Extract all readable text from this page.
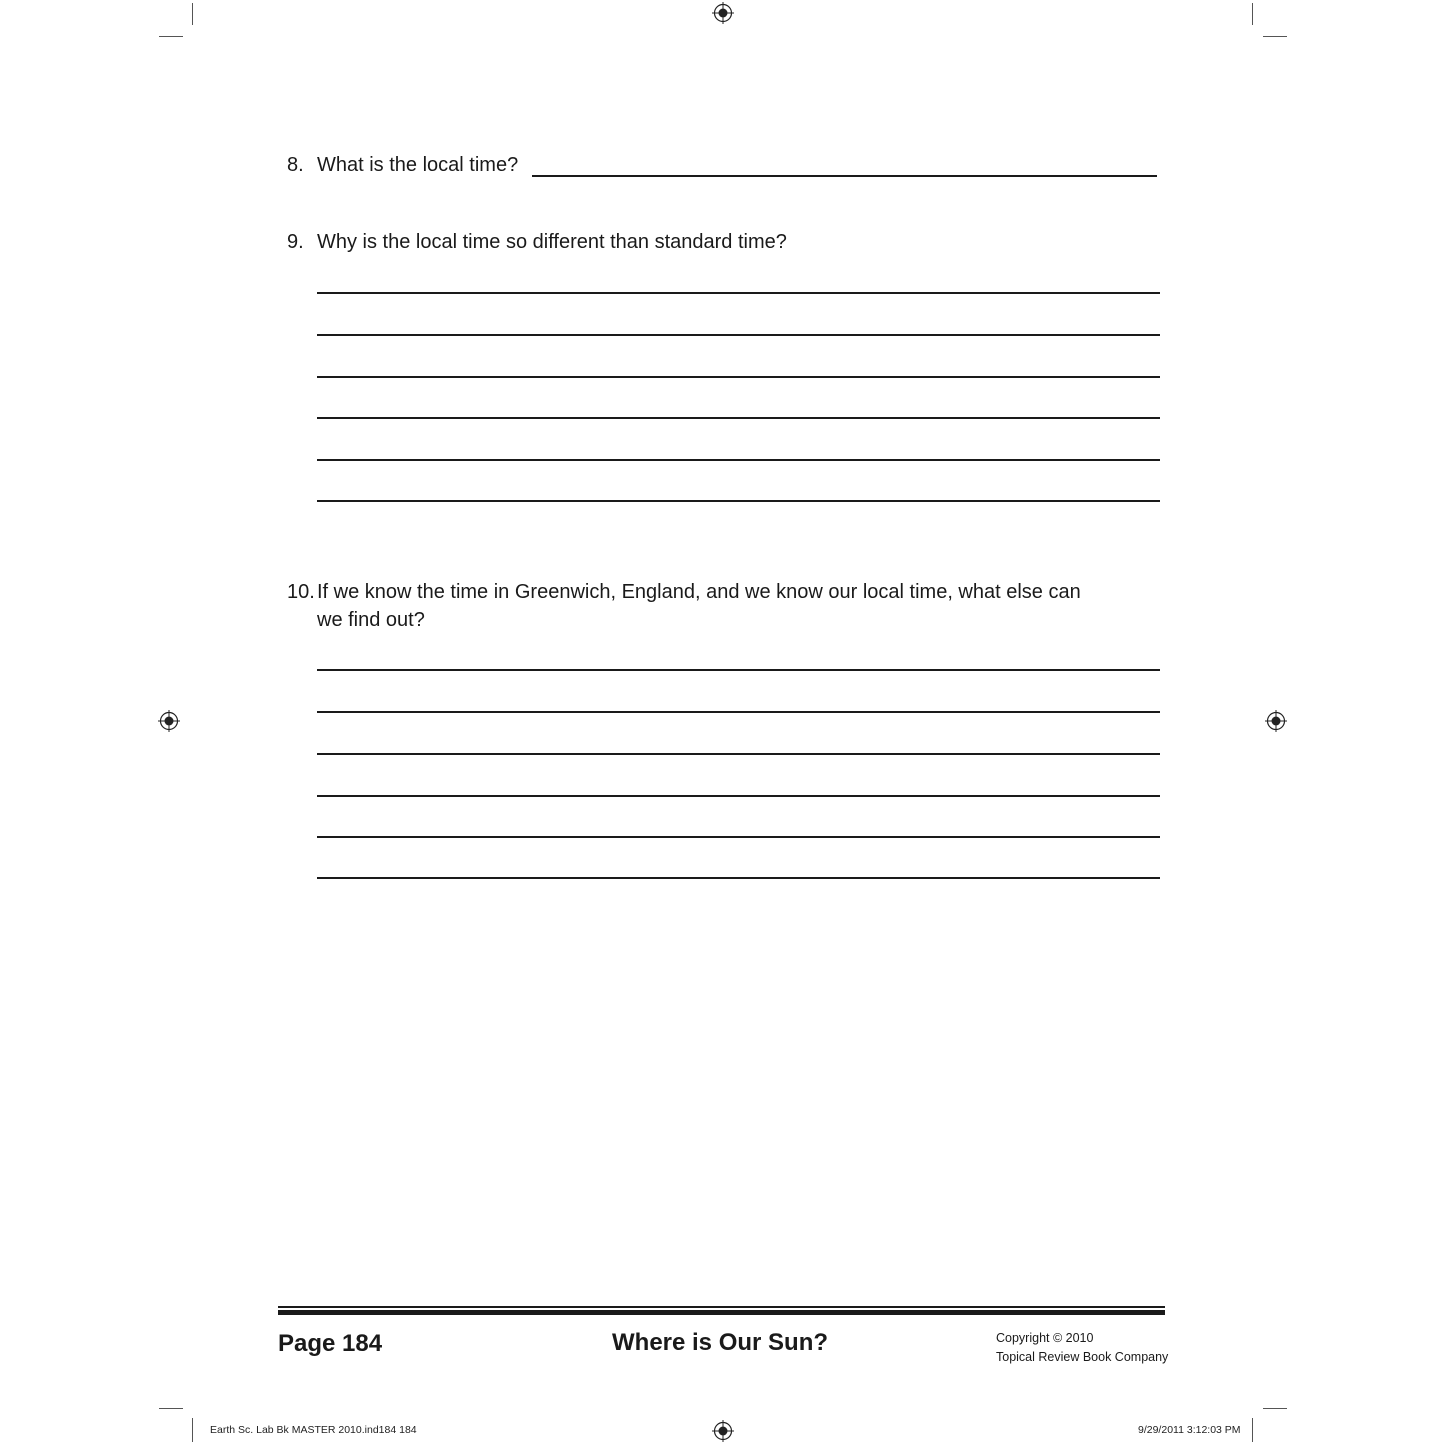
8. What is the local time?
9. Why is the local time so different than standard time?
10. If we know the time in Greenwich, England, and we know our local time, what else can
we find out?
Page 184	Where is Our Sun?	Copyright © 2010
Topical Review Book Company
Earth Sc. Lab Bk MASTER 2010.ind184 184	9/29/2011 3:12:03 PM
